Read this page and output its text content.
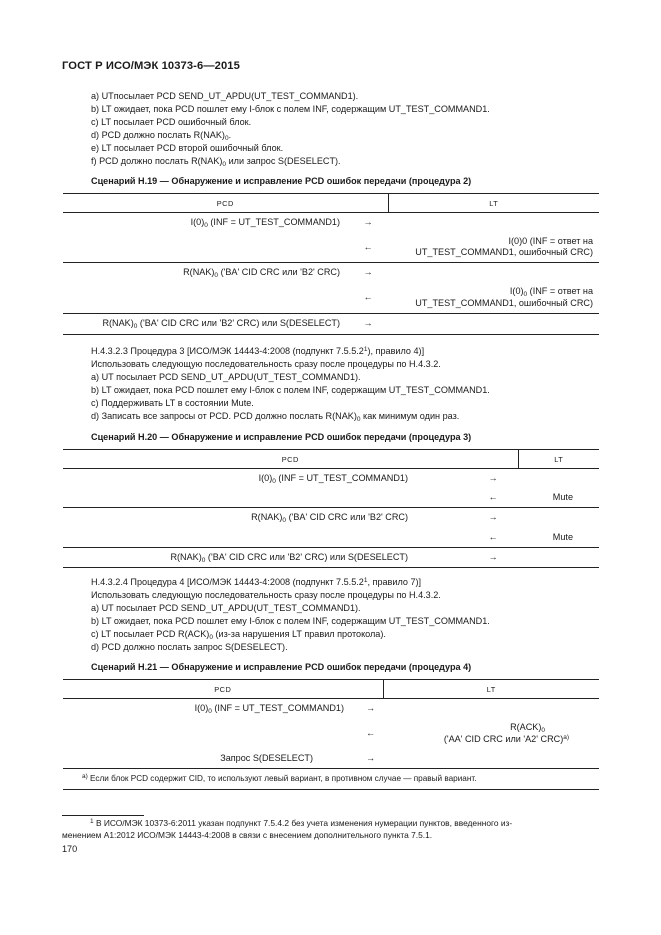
ГОСТ Р ИСО/МЭК 10373-6—2015
a) UTпосылает PCD SEND_UT_APDU(UT_TEST_COMMAND1).
b) LT ожидает, пока PCD пошлет ему I-блок с полем INF, содержащим UT_TEST_COMMAND1.
c) LT посылает PCD ошибочный блок.
d) PCD должно послать $R(NAK)_0$.
e) LT посылает PCD второй ошибочный блок.
f) PCD должно послать $R(NAK)_0$ или запрос S(DESELECT).
Сценарий H.19 — Обнаружение и исправление PCD ошибок передачи (процедура 2)
PCD		LT
$I(0)_0$ (INF = UT_TEST_COMMAND1)	→	
	←	I(0)0 (INF = ответ на
UT_TEST_COMMAND1, ошибочный CRC)

$R(NAK)_0$ ('BA' CID CRC или 'B2' CRC)	→	
	←	$I(0)_0$ (INF = ответ на
UT_TEST_COMMAND1, ошибочный CRC)

$R(NAK)_0$ ('BA' CID CRC или 'B2' CRC) или S(DESELECT)	→	
H.4.3.2.3 Процедура 3 [ИСО/МЭК 14443-4:2008 (подпункт 7.5.5.2$^1$), правило 4)]
Использовать следующую последовательность сразу после процедуры по H.4.3.2.
a) UT посылает PCD SEND_UT_APDU(UT_TEST_COMMAND1).
b) LT ожидает, пока PCD пошлет ему I-блок с полем INF, содержащим UT_TEST_COMMAND1.
c) Поддерживать LT в состоянии Mute.
d) Записать все запросы от PCD. PCD должно послать $R(NAK)_0$ как минимум один раз.
Сценарий H.20 — Обнаружение и исправление PCD ошибок передачи (процедура 3)
PCD		LT
$I(0)_0$ (INF = UT_TEST_COMMAND1)	→	
	←	Mute
$R(NAK)_0$ ('BA' CID CRC или 'B2' CRC)	→	
	←	Mute
$R(NAK)_0$ ('BA' CID CRC или 'B2' CRC) или S(DESELECT)	→	
H.4.3.2.4 Процедура 4 [ИСО/МЭК 14443-4:2008 (подпункт 7.5.5.2$^1$, правило 7)]
Использовать следующую последовательность сразу после процедуры по H.4.3.2.
a) UT посылает PCD SEND_UT_APDU(UT_TEST_COMMAND1).
b) LT ожидает, пока PCD пошлет ему I-блок с полем INF, содержащим UT_TEST_COMMAND1.
c) LT посылает PCD $R(ACK)_0$ (из-за нарушения LT правил протокола).
d) PCD должно послать запрос S(DESELECT).
Сценарий H.21 — Обнаружение и исправление PCD ошибок передачи (процедура 4)
PCD		LT
$I(0)_0$ (INF = UT_TEST_COMMAND1)	→	
	←	$R(ACK)_0$
('AA' CID CRC или 'A2' CRC)$^{a)}$

Запрос S(DESELECT)	→	
$^{a)}$ Если блок PCD содержит CID, то используют левый вариант, в противном случае — правый вариант.		
$^1$ В ИСО/МЭК 10373-6:2011 указан подпункт 7.5.4.2 без учета изменения нумерации пунктов, введенного из-
менением A1:2012 ИСО/МЭК 14443-4:2008 в связи с внесением дополнительного пункта 7.5.1.
170
